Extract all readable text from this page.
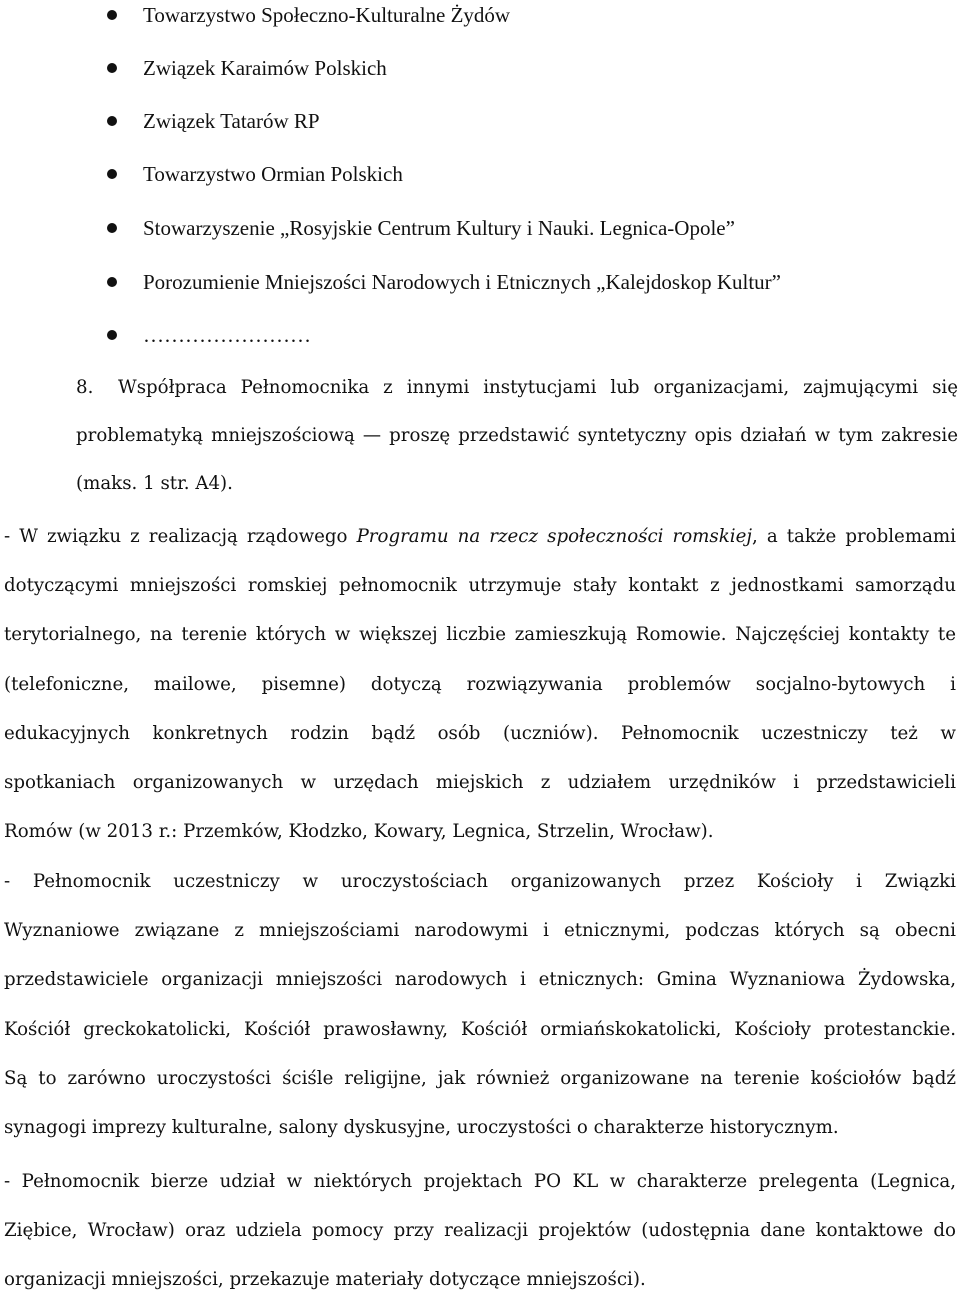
Towarzystwo Społeczno-Kulturalne Żydów
Związek Karaimów Polskich
Związek Tatarów RP
Towarzystwo Ormian Polskich
Stowarzyszenie „Rosyjskie Centrum Kultury i Nauki. Legnica-Opole”
Porozumienie Mniejszości Narodowych i Etnicznych „Kalejdoskop Kultur”
……………………
8. Współpraca Pełnomocnika z innymi instytucjami lub organizacjami, zajmującymi się
problematyką mniejszościową — proszę przedstawić syntetyczny opis działań w tym zakresie
(maks. 1 str. A4).
- W związku z realizacją rządowego Programu na rzecz społeczności romskiej, a także problemami
dotyczącymi mniejszości romskiej pełnomocnik utrzymuje stały kontakt z jednostkami samorządu
terytorialnego, na terenie których w większej liczbie zamieszkują Romowie. Najczęściej kontakty te
(telefoniczne, mailowe, pisemne) dotyczą rozwiązywania problemów socjalno-bytowych i
edukacyjnych konkretnych rodzin bądź osób (uczniów). Pełnomocnik uczestniczy też w
spotkaniach organizowanych w urzędach miejskich z udziałem urzędników i przedstawicieli
Romów (w 2013 r.: Przemków, Kłodzko, Kowary, Legnica, Strzelin, Wrocław).
- Pełnomocnik uczestniczy w uroczystościach organizowanych przez Kościoły i Związki
Wyznaniowe związane z mniejszościami narodowymi i etnicznymi, podczas których są obecni
przedstawiciele organizacji mniejszości narodowych i etnicznych: Gmina Wyznaniowa Żydowska,
Kościół greckokatolicki, Kościół prawosławny, Kościół ormiańskokatolicki, Kościoły protestanckie.
Są to zarówno uroczystości ściśle religijne, jak również organizowane na terenie kościołów bądź
synagogi imprezy kulturalne, salony dyskusyjne, uroczystości o charakterze historycznym.
- Pełnomocnik bierze udział w niektórych projektach PO KL w charakterze prelegenta (Legnica,
Ziębice, Wrocław) oraz udziela pomocy przy realizacji projektów (udostępnia dane kontaktowe do
organizacji mniejszości, przekazuje materiały dotyczące mniejszości).
